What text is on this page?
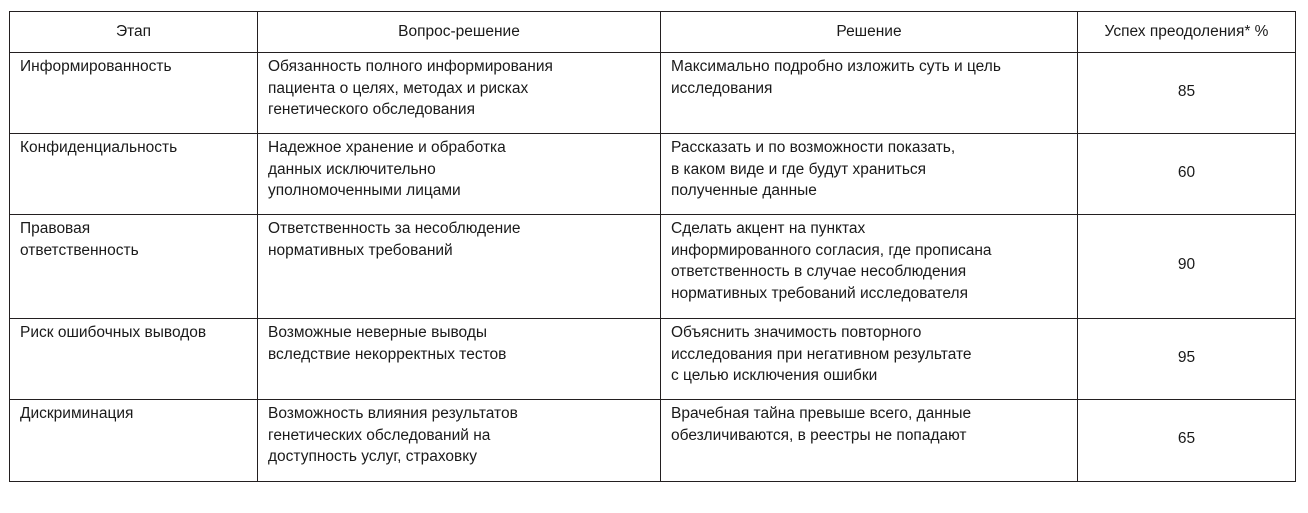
Этап	Вопрос-решение	Решение	Успех преодоления* %

Информированность	Обязанность полного информирования
пациента о целях, методах и рисках
генетического обследования	Максимально подробно изложить суть и цель
исследования	85

Конфиденциальность	Надежное хранение и обработка
данных исключительно
уполномоченными лицами	Рассказать и по возможности показать,
в каком виде и где будут храниться
полученные данные	60

Правовая
ответственность	Ответственность за несоблюдение
нормативных требований	Сделать акцент на пунктах
информированного согласия, где прописана
ответственность в случае несоблюдения
нормативных требований исследователя	90

Риск ошибочных выводов	Возможные неверные выводы
вследствие некорректных тестов	Объяснить значимость повторного
исследования при негативном результате
с целью исключения ошибки	95

Дискриминация	Возможность влияния результатов
генетических обследований на
доступность услуг, страховку	Врачебная тайна превыше всего, данные
обезличиваются, в реестры не попадают	65
